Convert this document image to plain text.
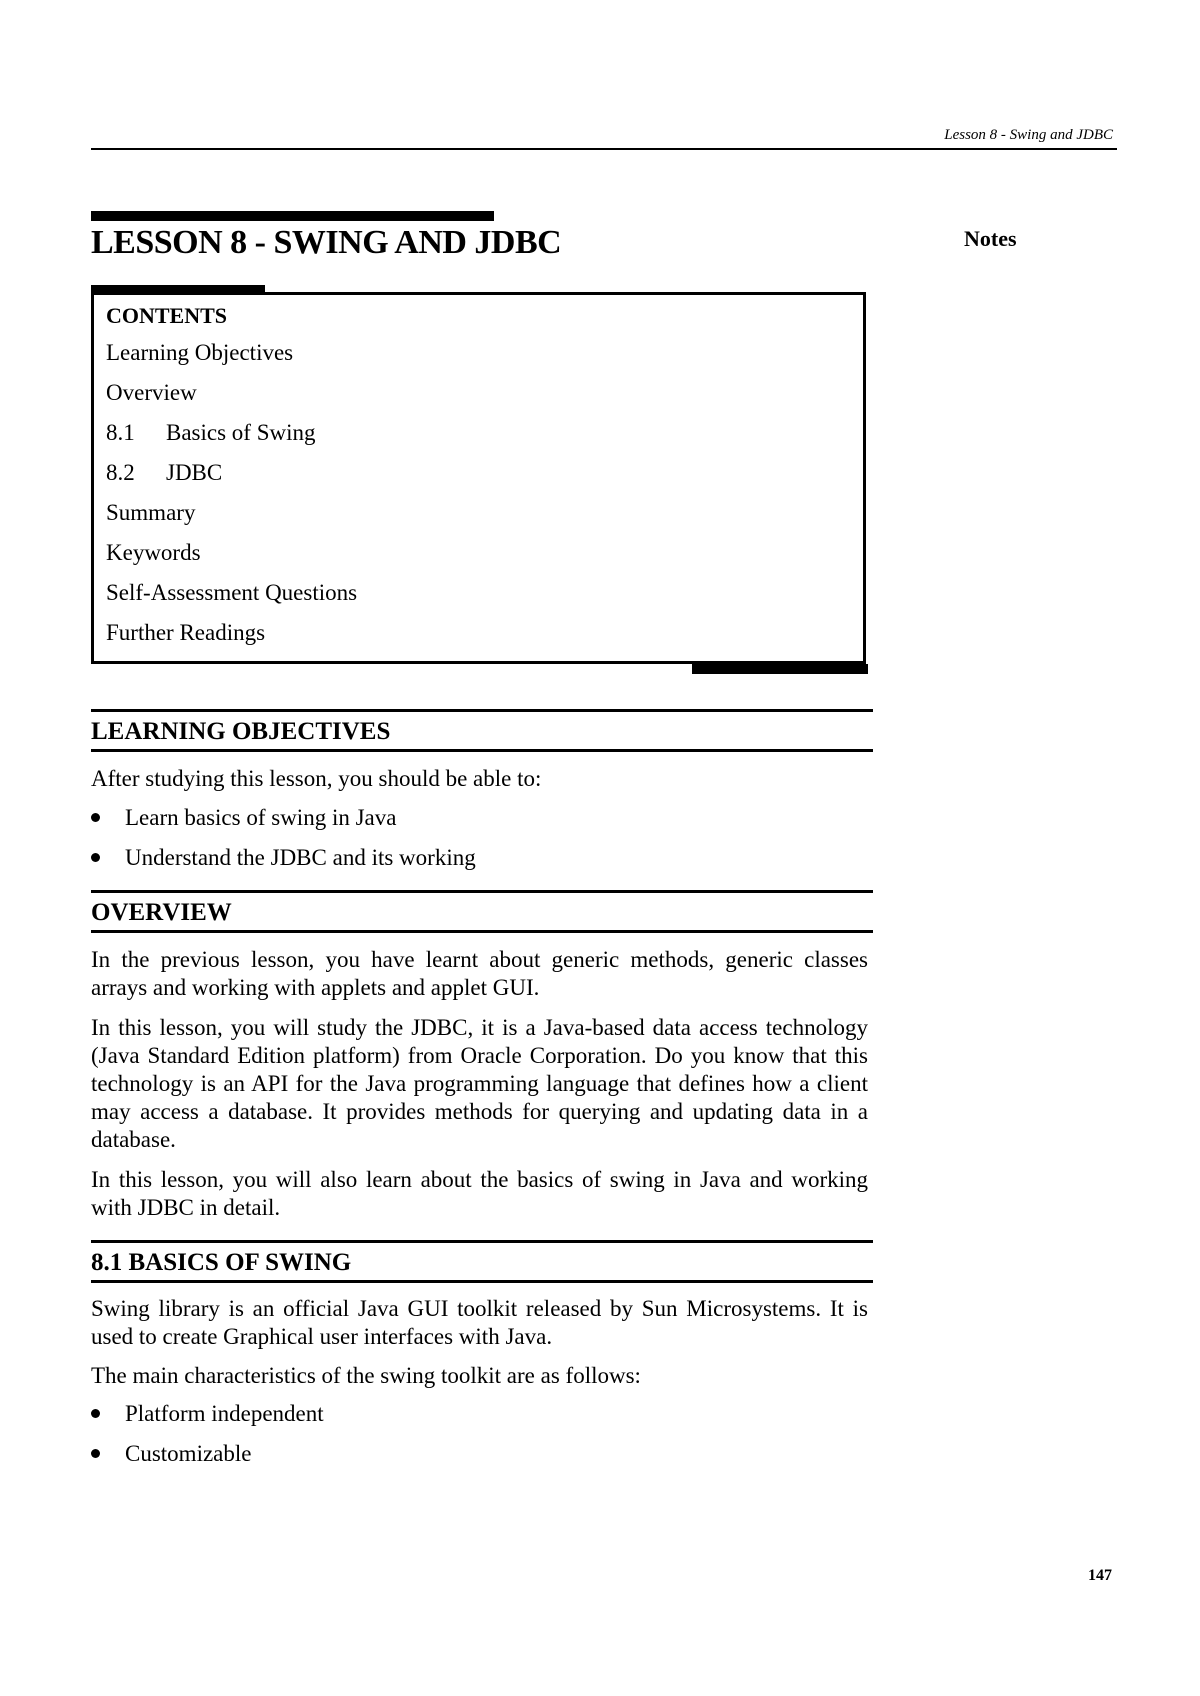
Lesson 8 - Swing and JDBC
LESSON 8 - SWING AND JDBC	Notes
CONTENTS
Learning Objectives
Overview
8.1 Basics of Swing
8.2 JDBC
Summary
Keywords
Self-Assessment Questions
Further Readings
LEARNING OBJECTIVES

After studying this lesson, you should be able to:

Learn basics of swing in Java
Understand the JDBC and its working
OVERVIEW

In the previous lesson, you have learnt about generic methods, generic classes arrays and working with applets and applet GUI.

In this lesson, you will study the JDBC, it is a Java-based data access technology (Java Standard Edition platform) from Oracle Corporation. Do you know that this technology is an API for the Java programming language that defines how a client may access a database. It provides methods for querying and updating data in a database.

In this lesson, you will also learn about the basics of swing in Java and working with JDBC in detail.

8.1 BASICS OF SWING

Swing library is an official Java GUI toolkit released by Sun Microsystems. It is used to create Graphical user interfaces with Java.

The main characteristics of the swing toolkit are as follows:

Platform independent
Customizable
147
